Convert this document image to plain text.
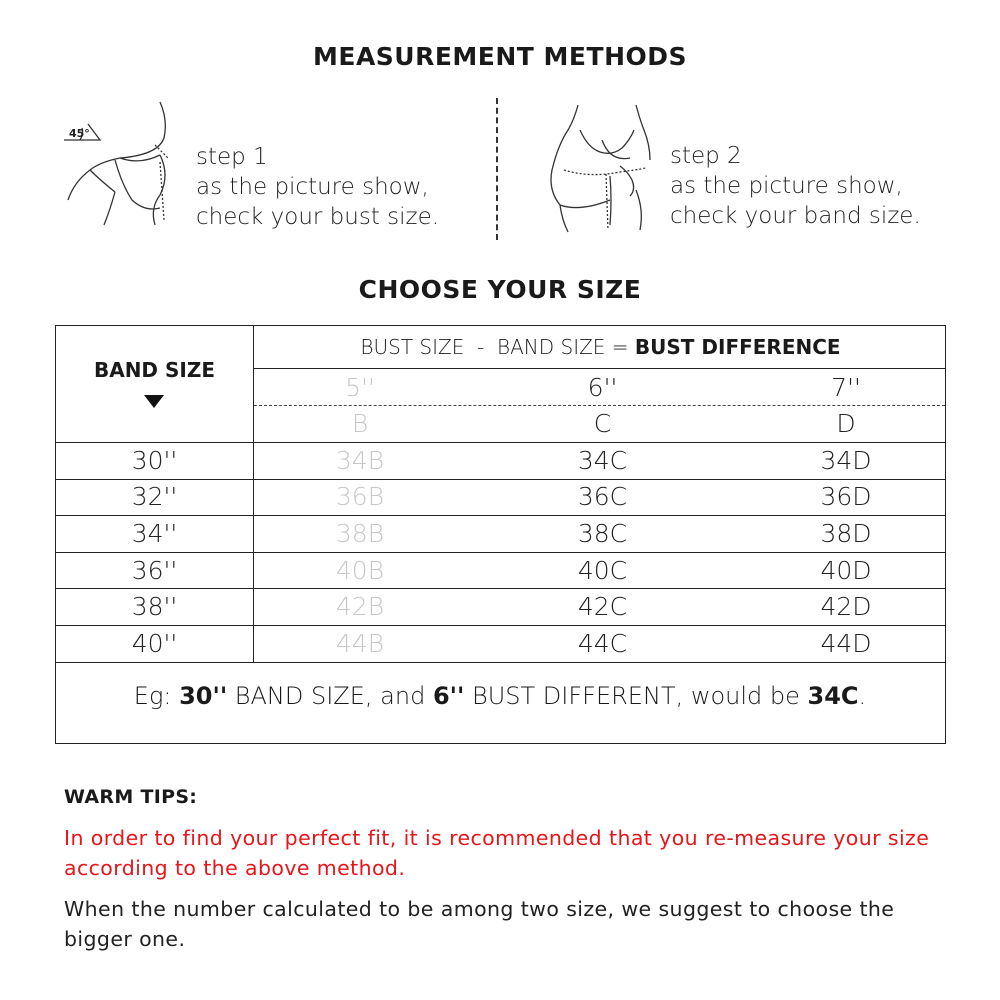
MEASUREMENT METHODS
45°
step 1
as the picture show,
check your bust size.
step 2
as the picture show,
check your band size.
CHOOSE YOUR SIZE
BAND SIZE
BUST SIZE  -  BAND SIZE = BUST DIFFERENCE
5''	6''	7''
B	C	D
30''	34B	34C	34D
32''	36B	36C	36D
34''	38B	38C	38D
36''	40B	40C	40D
38''	42B	42C	42D
40''	44B	44C	44D
Eg: 30'' BAND SIZE, and 6'' BUST DIFFERENT, would be 34C.
WARM TIPS:
In order to find your perfect fit, it is recommended that you re-measure your size according to the above method.
When the number calculated to be among two size, we suggest to choose the bigger one.
